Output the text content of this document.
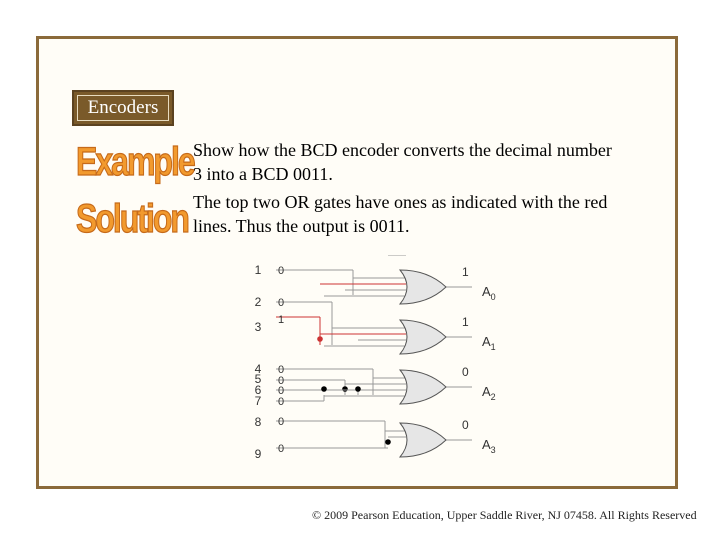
Encoders
Example
Solution
Show how the BCD encoder converts the decimal number 3 into a BCD 0011.
The top two OR gates have ones as indicated with the red lines. Thus the output is 0011.
1
$A_0$
1
$A_1$
0
$A_2$
0
$A_3$
1 0
2 0
3 1
4 0
5 0
6 0
7 0
8 0
9 0
© 2009 Pearson Education, Upper Saddle River, NJ 07458. All Rights Reserved
